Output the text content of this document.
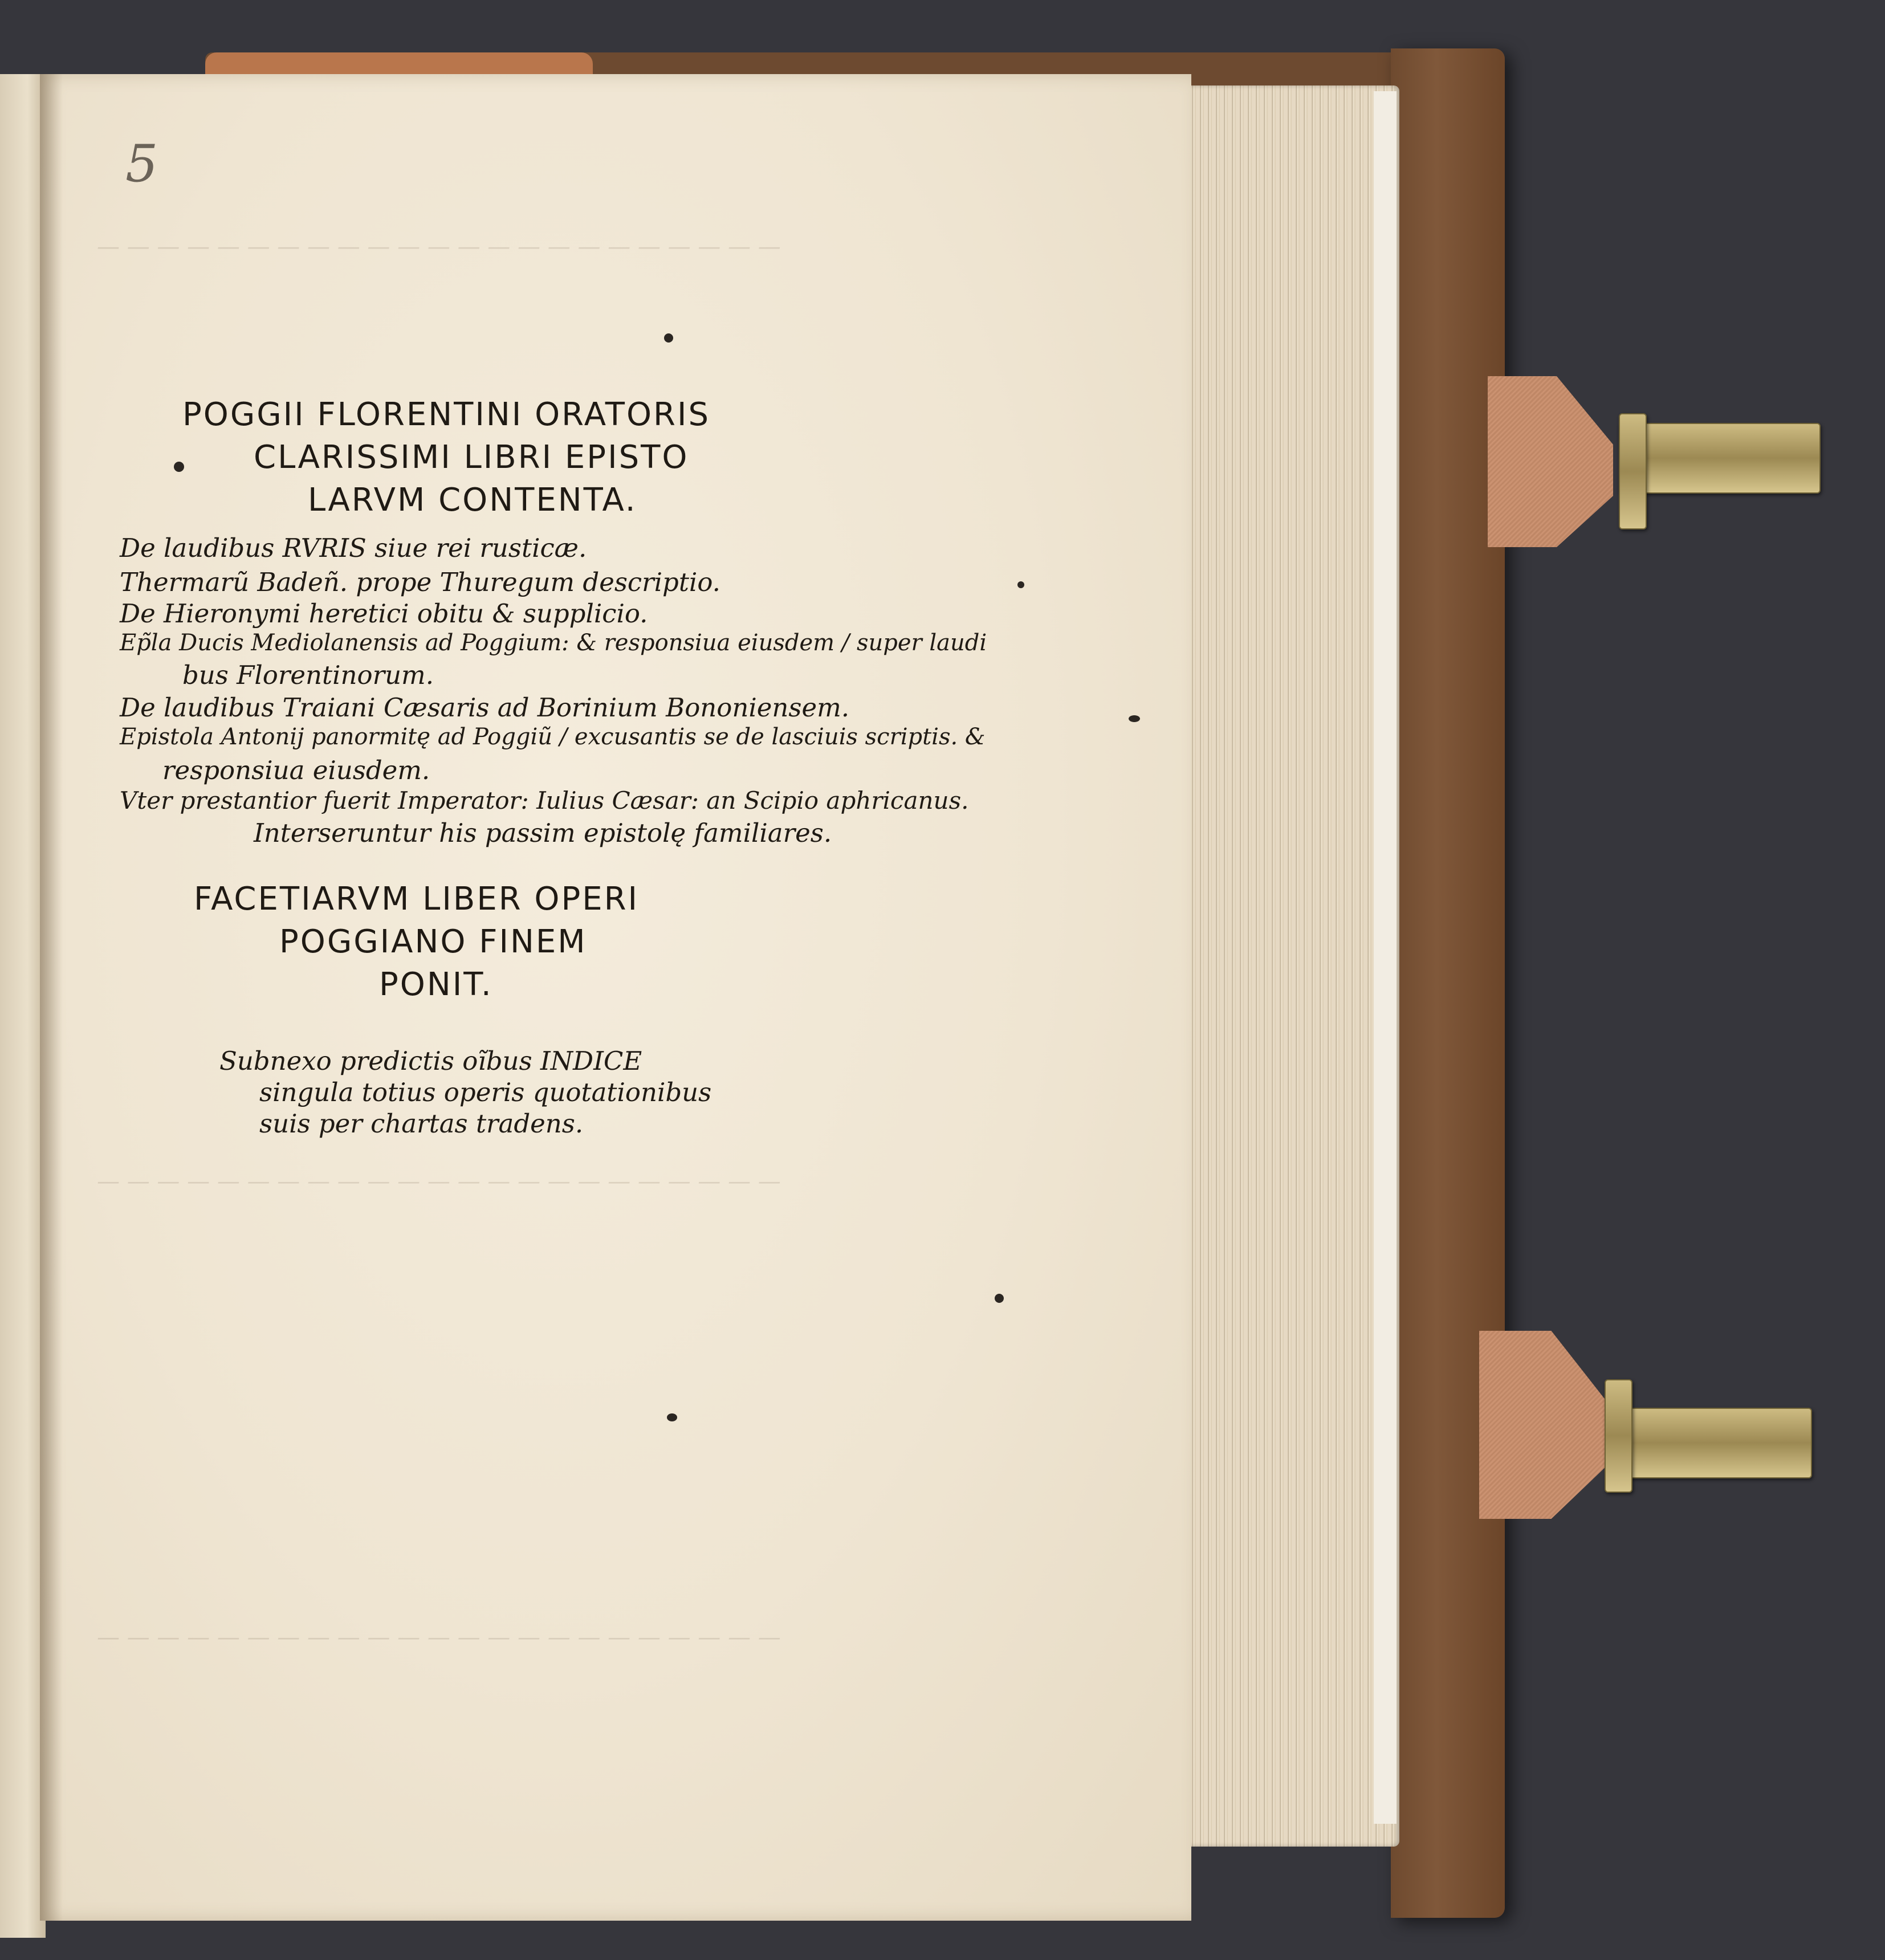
— — — — — — — — — — — — — — — — — — — — — — —
— — — — — — — — — — — — — — — — — — — — — — —
— — — — — — — — — — — — — — — — — — — — — — —
5
POGGII FLORENTINI ORATORIS
CLARISSIMI LIBRI EPISTO
LARVM CONTENTA.
De laudibus RVRIS siue rei rusticæ.
Thermarũ Badeñ. prope Thuregum descriptio.
De Hieronymi heretici obitu & supplicio.
Ep̃la Ducis Mediolanensis ad Poggium: & responsiua eiusdem / super laudi
bus Florentinorum.
De laudibus Traiani Cæsaris ad Borinium Bononiensem.
Epistola Antonij panormitę ad Poggiũ / excusantis se de lasciuis scriptis. &
responsiua eiusdem.
Vter prestantior fuerit Imperator: Iulius Cæsar: an Scipio aphricanus.
Interseruntur his passim epistolę familiares.
FACETIARVM LIBER OPERI
POGGIANO FINEM
PONIT.
Subnexo predictis oĩbus INDICE
singula totius operis quotationibus
suis per chartas tradens.
